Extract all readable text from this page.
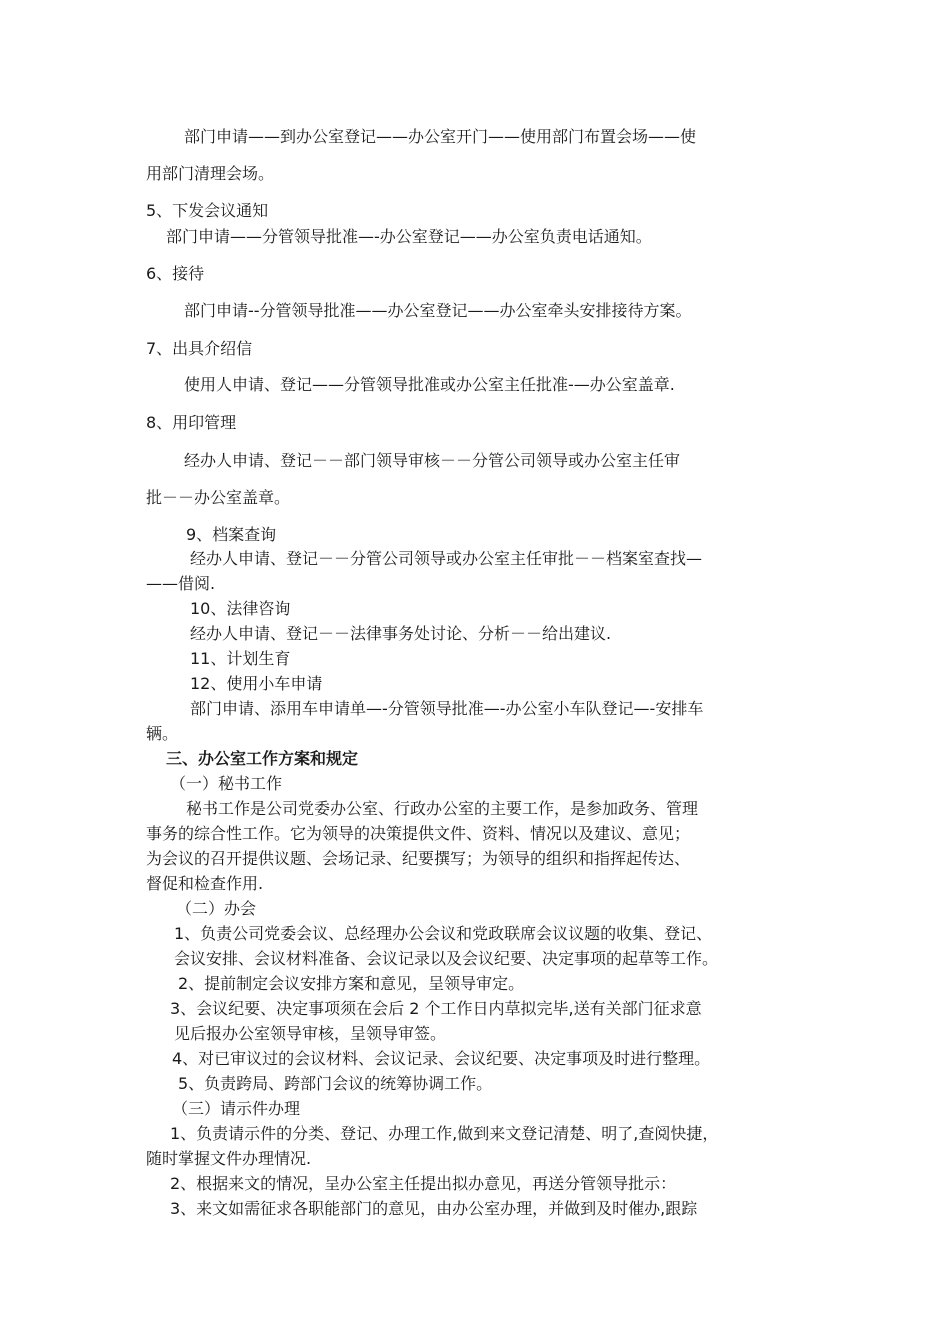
部门申请——到办公室登记——办公室开门——使用部门布置会场——使
用部门清理会场。
5、下发会议通知
部门申请——分管领导批准—-办公室登记——办公室负责电话通知。
6、接待
部门申请--分管领导批准——办公室登记——办公室牵头安排接待方案。
7、出具介绍信
使用人申请、登记——分管领导批准或办公室主任批准-—办公室盖章.
8、用印管理
经办人申请、登记－－部门领导审核－－分管公司领导或办公室主任审
批－－办公室盖章。
9、档案查询
经办人申请、登记－－分管公司领导或办公室主任审批－－档案室查找—
——借阅.
10、法律咨询
经办人申请、登记－－法律事务处讨论、分析－－给出建议.
11、计划生育
12、使用小车申请
部门申请、添用车申请单—-分管领导批准—-办公室小车队登记—-安排车
辆。
三、办公室工作方案和规定
（一）秘书工作
秘书工作是公司党委办公室、行政办公室的主要工作，是参加政务、管理
事务的综合性工作。它为领导的决策提供文件、资料、情况以及建议、意见；
为会议的召开提供议题、会场记录、纪要撰写；为领导的组织和指挥起传达、
督促和检查作用.
（二）办会
1、负责公司党委会议、总经理办公会议和党政联席会议议题的收集、登记、
会议安排、会议材料准备、会议记录以及会议纪要、决定事项的起草等工作。
2、提前制定会议安排方案和意见，呈领导审定。
3、会议纪要、决定事项须在会后 2 个工作日内草拟完毕,送有关部门征求意
见后报办公室领导审核，呈领导审签。
4、对已审议过的会议材料、会议记录、会议纪要、决定事项及时进行整理。
5、负责跨局、跨部门会议的统筹协调工作。
（三）请示件办理
1、负责请示件的分类、登记、办理工作,做到来文登记清楚、明了,查阅快捷，
随时掌握文件办理情况.
2、根据来文的情况，呈办公室主任提出拟办意见，再送分管领导批示：
3、来文如需征求各职能部门的意见，由办公室办理，并做到及时催办,跟踪
